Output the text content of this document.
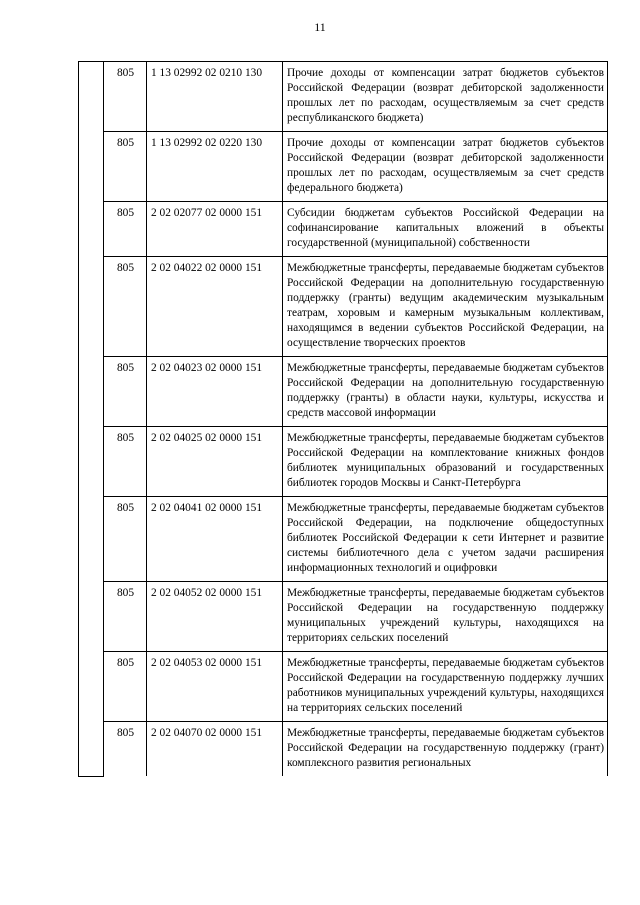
11
	805	1 13 02992 02 0210 130	Прочие доходы от компенсации затрат бюджетов субъектов Российской Федерации (возврат дебиторской задолженности прошлых лет по расходам, осуществляемым за счет средств республиканского бюджета)
	805	1 13 02992 02 0220 130	Прочие доходы от компенсации затрат бюджетов субъектов Российской Федерации (возврат дебиторской задолженности прошлых лет по расходам, осуществляемым за счет средств федерального бюджета)
	805	2 02 02077 02 0000 151	Субсидии бюджетам субъектов Российской Федерации на софинансирование капитальных вложений в объекты государственной (муниципальной) собственности
	805	2 02 04022 02 0000 151	Межбюджетные трансферты, передаваемые бюджетам субъектов Российской Федерации на дополнительную государственную поддержку (гранты) ведущим академическим музыкальным театрам, хоровым и камерным музыкальным коллективам, находящимся в ведении субъектов Российской Федерации, на осуществление творческих проектов
	805	2 02 04023 02 0000 151	Межбюджетные трансферты, передаваемые бюджетам субъектов Российской Федерации на дополнительную государственную поддержку (гранты) в области науки, культуры, искусства и средств массовой информации
	805	2 02 04025 02 0000 151	Межбюджетные трансферты, передаваемые бюджетам субъектов Российской Федерации на комплектование книжных фондов библиотек муниципальных образований и государственных библиотек городов Москвы и Санкт-Петербурга
	805	2 02 04041 02 0000 151	Межбюджетные трансферты, передаваемые бюджетам субъектов Российской Федерации, на подключение общедоступных библиотек Российской Федерации к сети Интернет и развитие системы библиотечного дела с учетом задачи расширения информационных технологий и оцифровки
	805	2 02 04052 02 0000 151	Межбюджетные трансферты, передаваемые бюджетам субъектов Российской Федерации на государственную поддержку муниципальных учреждений культуры, находящихся на территориях сельских поселений
	805	2 02 04053 02 0000 151	Межбюджетные трансферты, передаваемые бюджетам субъектов Российской Федерации на государственную поддержку лучших работников муниципальных учреждений культуры, находящихся на территориях сельских поселений
	805	2 02 04070 02 0000 151	Межбюджетные трансферты, передаваемые бюджетам субъектов Российской Федерации на государственную поддержку (грант) комплексного развития региональных
